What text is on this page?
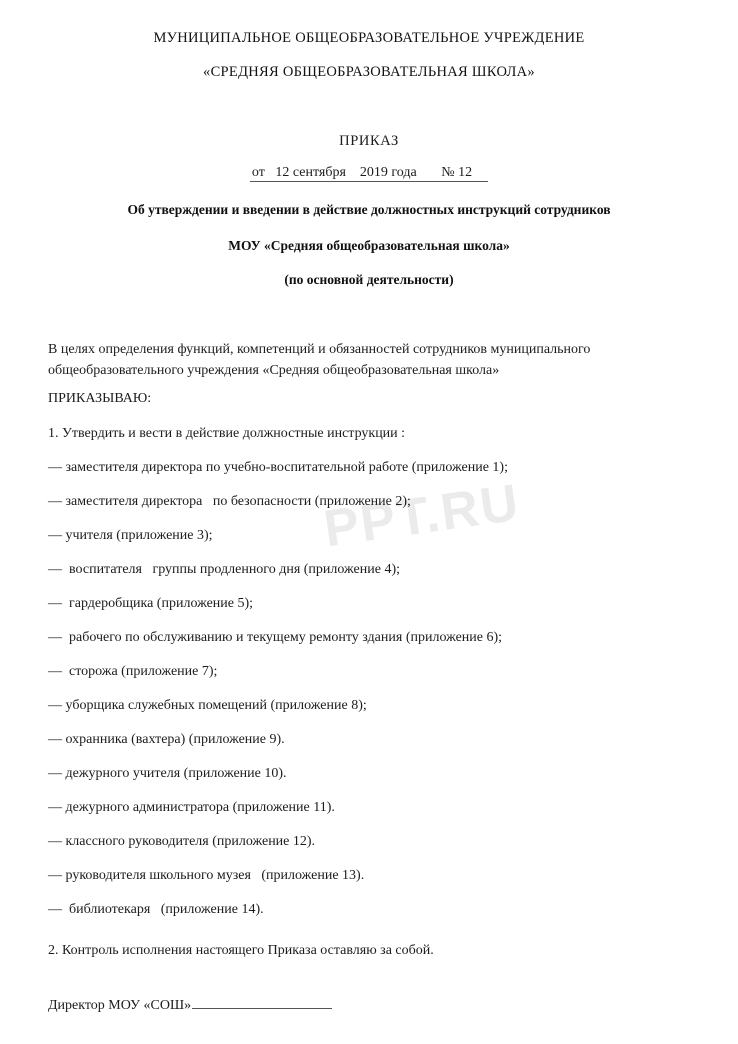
PPT.RU
МУНИЦИПАЛЬНОЕ ОБЩЕОБРАЗОВАТЕЛЬНОЕ УЧРЕЖДЕНИЕ
«СРЕДНЯЯ ОБЩЕОБРАЗОВАТЕЛЬНАЯ ШКОЛА»
ПРИКАЗ
от   12 сентября    2019 года       № 12
Об утверждении и введении в действие должностных инструкций сотрудников
МОУ «Средняя общеобразовательная школа»
(по основной деятельности)
В целях определения функций, компетенций и обязанностей сотрудников муниципального общеобразовательного учреждения «Средняя общеобразовательная школа»
ПРИКАЗЫВАЮ:
1. Утвердить и вести в действие должностные инструкции :
— заместителя директора по учебно-воспитательной работе (приложение 1);
— заместителя директора   по безопасности (приложение 2);
— учителя (приложение 3);
—  воспитателя   группы продленного дня (приложение 4);
—  гардеробщика (приложение 5);
—  рабочего по обслуживанию и текущему ремонту здания (приложение 6);
—  сторожа (приложение 7);
— уборщика служебных помещений (приложение 8);
— охранника (вахтера) (приложение 9).
— дежурного учителя (приложение 10).
— дежурного администратора (приложение 11).
— классного руководителя (приложение 12).
— руководителя школьного музея   (приложение 13).
—  библиотекаря   (приложение 14).
2. Контроль исполнения настоящего Приказа оставляю за собой.
Директор МОУ «СОШ»
